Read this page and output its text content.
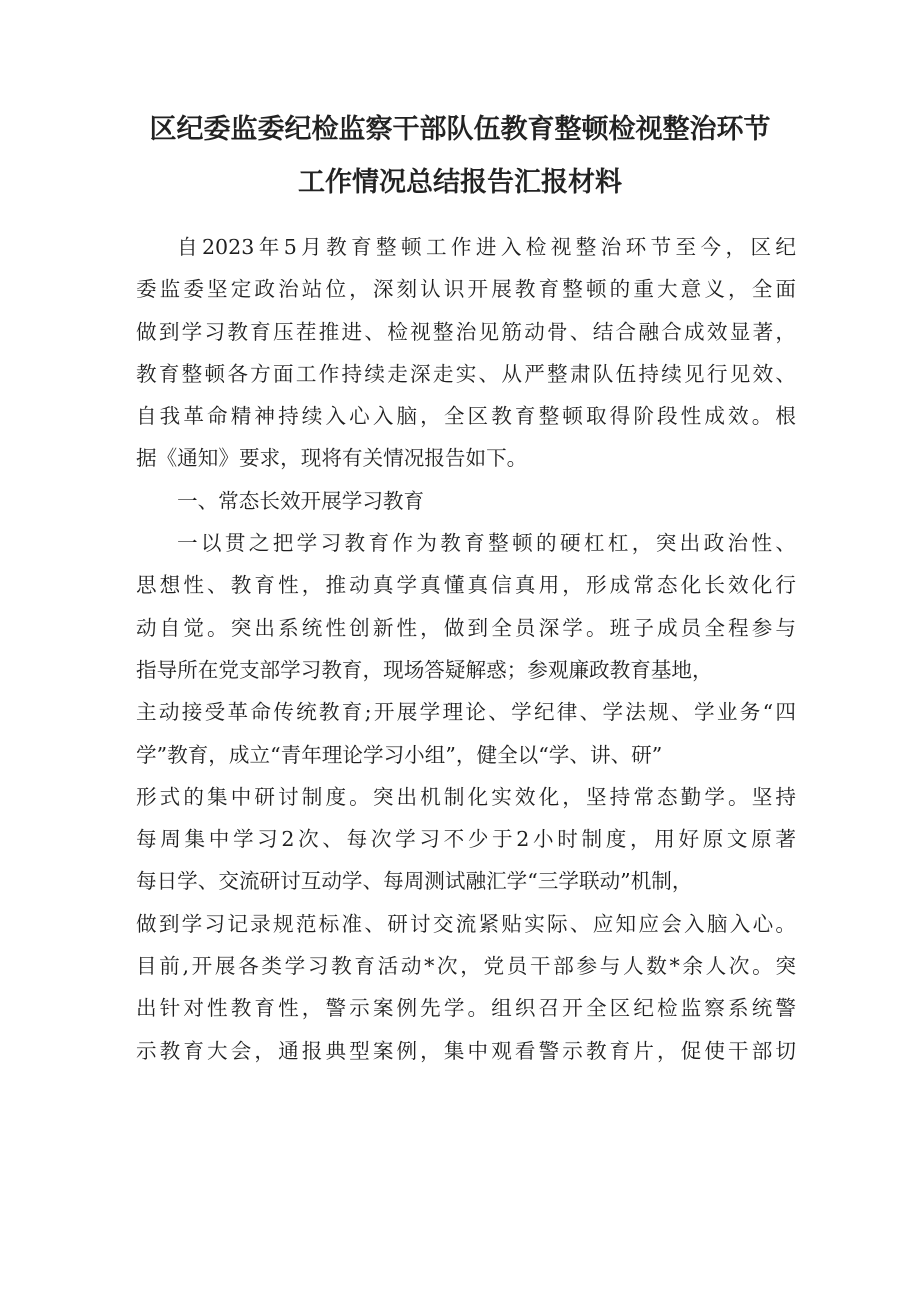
区纪委监委纪检监察干部队伍教育整顿检视整治环节
工作情况总结报告汇报材料
自2023年5月教育整顿工作进入检视整治环节至今，区纪
委监委坚定政治站位，深刻认识开展教育整顿的重大意义，全面
做到学习教育压茬推进、检视整治见筋动骨、结合融合成效显著，
教育整顿各方面工作持续走深走实、从严整肃队伍持续见行见效、
自我革命精神持续入心入脑，全区教育整顿取得阶段性成效。根
据《通知》要求，现将有关情况报告如下。
一、常态长效开展学习教育
一以贯之把学习教育作为教育整顿的硬杠杠，突出政治性、
思想性、教育性，推动真学真懂真信真用，形成常态化长效化行
动自觉。突出系统性创新性，做到全员深学。班子成员全程参与
指导所在党支部学习教育，现场答疑解惑；参观廉政教育基地，
主动接受革命传统教育;开展学理论、学纪律、学法规、学业务“四
学”教育，成立“青年理论学习小组”，健全以“学、讲、研”
形式的集中研讨制度。突出机制化实效化，坚持常态勤学。坚持
每周集中学习2次、每次学习不少于2小时制度，用好原文原著
每日学、交流研讨互动学、每周测试融汇学“三学联动”机制，
做到学习记录规范标准、研讨交流紧贴实际、应知应会入脑入心。
目前,开展各类学习教育活动*次，党员干部参与人数*余人次。突
出针对性教育性，警示案例先学。组织召开全区纪检监察系统警
示教育大会，通报典型案例，集中观看警示教育片，促使干部切
